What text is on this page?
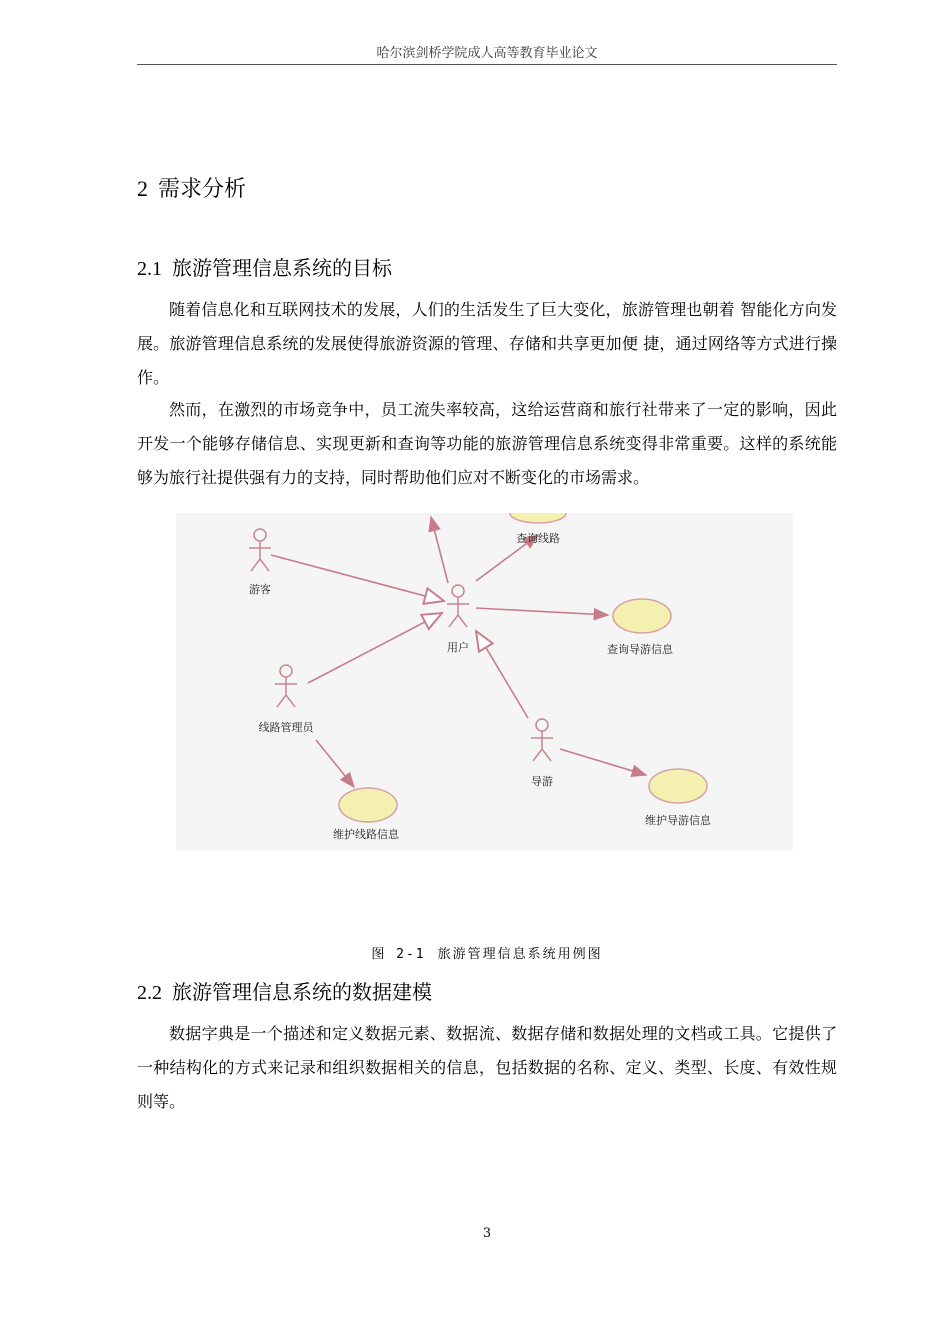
哈尔滨剑桥学院成人高等教育毕业论文
2 需求分析
2.1 旅游管理信息系统的目标

随着信息化和互联网技术的发展，人们的生活发生了巨大变化，旅游管理也朝着 智能化方向发展。旅游管理信息系统的发展使得旅游资源的管理、存储和共享更加便 捷，通过网络等方式进行操作。

然而，在激烈的市场竞争中，员工流失率较高，这给运营商和旅行社带来了一定的影响，因此开发一个能够存储信息、实现更新和查询等功能的旅游管理信息系统变得非常重要。这样的系统能够为旅行社提供强有力的支持，同时帮助他们应对不断变化的市场需求。

游客
用户
线路管理员
导游
查询线路
查询导游信息
维护线路信息
维护导游信息
图 2-1 旅游管理信息系统用例图
2.2 旅游管理信息系统的数据建模

数据字典是一个描述和定义数据元素、数据流、数据存储和数据处理的文档或工具。它提供了一种结构化的方式来记录和组织数据相关的信息，包括数据的名称、定义、类型、长度、有效性规则等。

3
